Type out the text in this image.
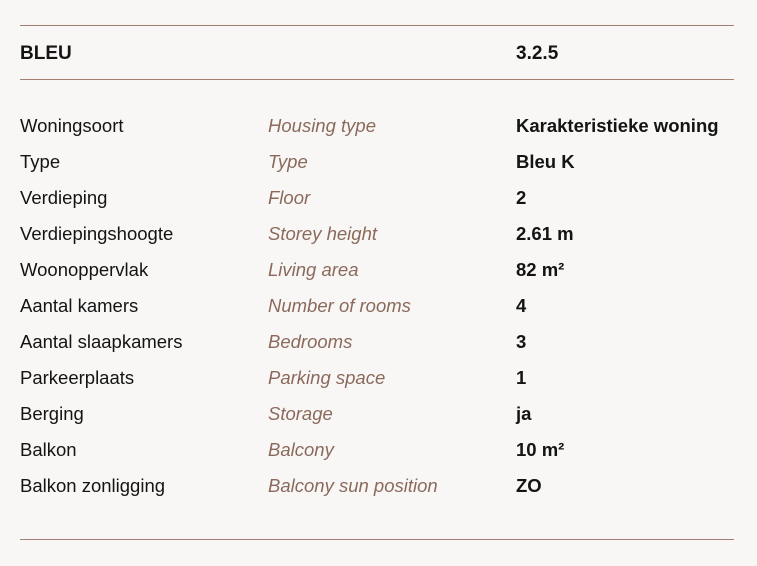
BLEU	3.2.5
Woningsoort	Housing type	Karakteristieke woning
Type	Type	Bleu K
Verdieping	Floor	2
Verdiepingshoogte	Storey height	2.61 m
Woonoppervlak	Living area	82 m²
Aantal kamers	Number of rooms	4
Aantal slaapkamers	Bedrooms	3
Parkeerplaats	Parking space	1
Berging	Storage	ja
Balkon	Balcony	10 m²
Balkon zonligging	Balcony sun position	ZO
